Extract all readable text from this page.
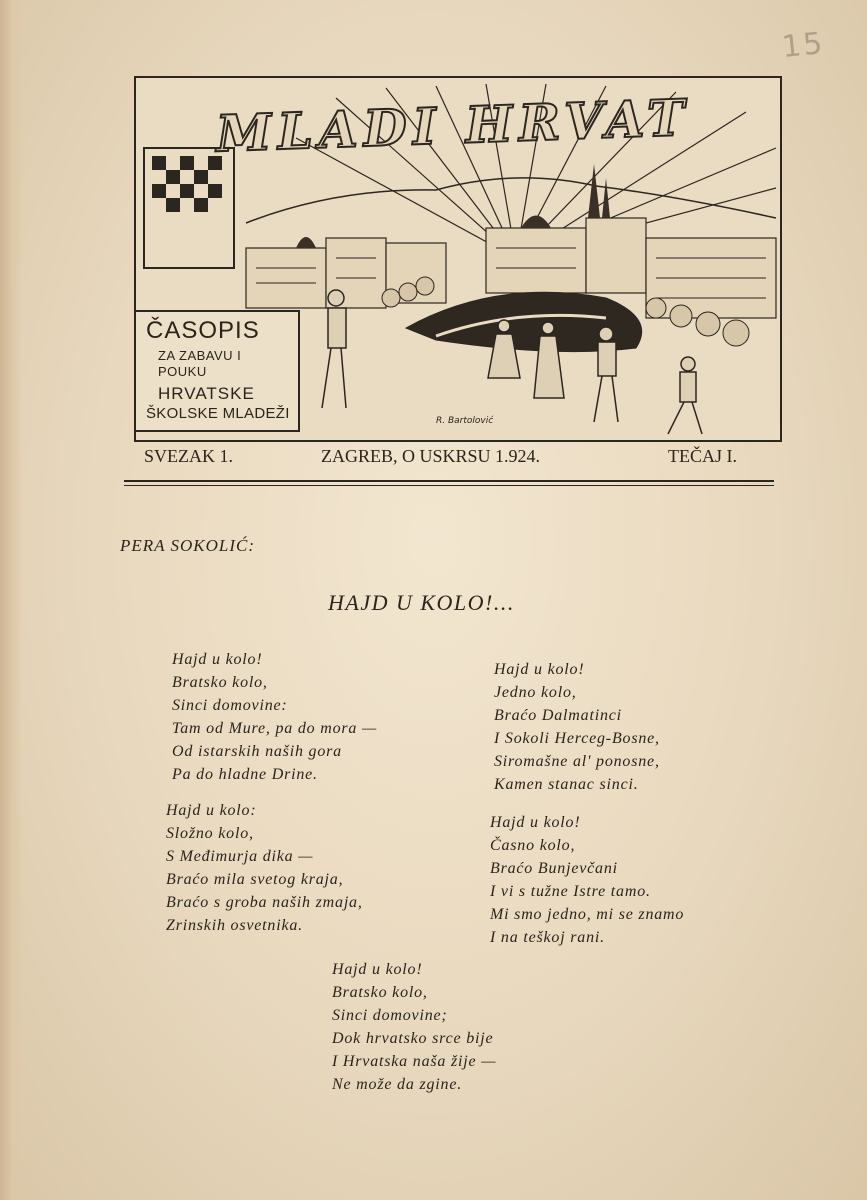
15
MLADI HRVAT
ČASOPIS
ZA ZABAVU I POUKU
HRVATSKE
ŠKOLSKE MLADEŽI	R. Bartolović
SVEZAK 1.	ZAGREB, O USKRSU 1.924.	TEČAJ I.
PERA SOKOLIĆ:
HAJD U KOLO!...
Hajd u kolo!
Bratsko kolo,
Sinci domovine:
Tam od Mure, pa do mora —
Od istarskih naših gora
Pa do hladne Drine.
Hajd u kolo!
Jedno kolo,
Braćo Dalmatinci
I Sokoli Herceg-Bosne,
Siromašne al' ponosne,
Kamen stanac sinci.
Hajd u kolo:
Složno kolo,
S Međimurja dika —
Braćo mila svetog kraja,
Braćo s groba naših zmaja,
Zrinskih osvetnika.
Hajd u kolo!
Časno kolo,
Braćo Bunjevčani
I vi s tužne Istre tamo.
Mi smo jedno, mi se znamo
I na teškoj rani.
Hajd u kolo!
Bratsko kolo,
Sinci domovine;
Dok hrvatsko srce bije
I Hrvatska naša žije —
Ne može da zgine.
